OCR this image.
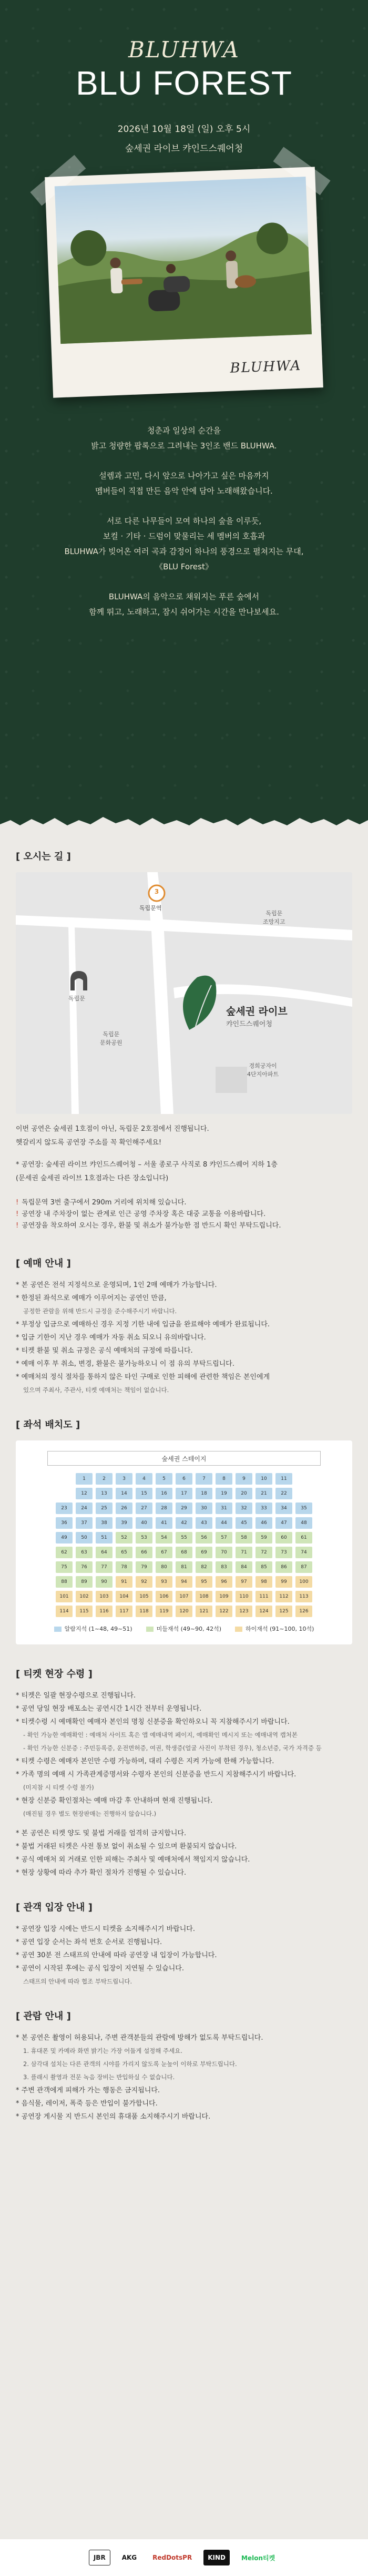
BLUHWA
BLU FOREST
2026년 10월 18일 (일) 오후 5시
숲세권 라이브 캬인드스퀘어청
BLUHWA

청춘과 일상의 순간을
밝고 청량한 팝록으로 그려내는 3인조 밴드 BLUHWA.

설렘과 고민, 다시 앞으로 나아가고 싶은 마음까지
멤버들이 직접 만든 음악 안에 담아 노래해왔습니다.

서로 다른 나무들이 모여 하나의 숲을 이루듯,
보컬 · 기타 · 드럼이 맞물리는 세 멤버의 호흡과
BLUHWA가 빚어온 여러 곡과 감정이 하나의 풍경으로 펼쳐지는 무대,
《BLU Forest》

BLUHWA의 음악으로 채워지는 푸른 숲에서
함께 뛰고, 노래하고, 잠시 쉬어가는 시간을 만나보세요.

[ 오시는 길 ]
3
독립문역
독립문
조망지고
독립문
독립문
문화공원
숲세권 라이브
캬인드스퀘어청
경희궁자이
4단지아파트

이번 공연은 숲세권 1호점이 아닌, 독립문 2호점에서 진행됩니다.

헷갈리지 않도록 공연장 주소를 꼭 확인해주세요!

* 공연장: 숲세권 라이브 캬인드스퀘어청 – 서울 종로구 사직로 8 캬인드스퀘어 지하 1층

(문세권 숲세권 라이브 1호점과는 다른 장소입니다)

! 독립문역 3번 출구에서 290m 거리에 위치해 있습니다.
! 공연장 내 주차장이 없는 관계로 인근 공영 주차장 혹은 대중 교통을 이용바랍니다.
! 공연장을 착오하여 오시는 경우, 환불 및 취소가 불가능한 점 반드시 확인 부탁드립니다.
[ 예매 안내 ]
* 본 공연은 전석 지정석으로 운영되며, 1인 2매 예매가 가능합니다.
* 한정된 좌석으로 예매가 이루어지는 공연인 만큼,
공정한 관람을 위해 반드시 규정을 준수해주시기 바랍니다.
* 부정상 입금으로 예매하신 경우 지정 기한 내에 입금을 완료해야 예매가 완료됩니다.
* 입금 기한이 지난 경우 예매가 자동 취소 되오니 유의바랍니다.
* 티켓 환불 및 취소 규정은 공식 예매처의 규정에 따릅니다.
* 예매 이후 부 취소, 변경, 환불은 불가능하오니 이 점 유의 부탁드립니다.
* 예매처의 정식 절차를 통하지 않은 타인 구매로 인한 피해에 관련한 책임은 본인에게
있으며 주최사, 주관사, 티켓 예매처는 책임이 없습니다.
[ 좌석 배치도 ]
숲세권 스테이지
1	2	3	4	5	6	7	8	9	10	11
12	13	14	15	16	17	18	19	20	21	22
23	24	25	26	27	28	29	30	31	32	33	34	35
36	37	38	39	40	41	42	43	44	45	46	47	48
49	50	51	52	53	54	55	56	57	58	59	60	61
62	63	64	65	66	67	68	69	70	71	72	73	74
75	76	77	78	79	80	81	82	83	84	85	86	87
88	89	90	91	92	93	94	95	96	97	98	99	100
101	102	103	104	105	106	107	108	109	110	111	112	113
114	115	116	117	118	119	120	121	122	123	124	125	126
알람지석 (1~48, 49~51)	미들재석 (49~90, 42석)	하이재석 (91~100, 10석)
[ 티켓 현장 수령 ]
* 티켓은 일괄 현장수령으로 진행됩니다.
* 공연 당일 현장 배포소는 공연시간 1시간 전부터 운영됩니다.
* 티켓수령 시 예매확인 예매자 본인의 명칭 신분증을 확인하오니 꼭 지참해주시기 바랍니다.
- 확인 가능한 예매확인 : 예매처 사이트 혹은 앱 예매내역 페이지, 예매확인 메시지 또는 예매내역 캡처본
- 확인 가능한 신분증 : 주민등록증, 운전면허증, 여권, 학생증(얼굴 사진이 부착된 경우), 청소년증, 국가 자격증 등
* 티켓 수령은 예매자 본인만 수령 가능하며, 대리 수령은 지켜 가능에 한해 가능합니다.
* 가족 명의 예매 시 가족관계증명서와 수령자 본인의 신분증을 반드시 지참해주시기 바랍니다.
(미지참 시 티켓 수령 불가)
* 현장 신분증 확인절차는 예매 마감 후 안내하며 현재 진행됩니다.
(매진될 경우 별도 현장판매는 진행하지 않습니다.)
* 본 공연은 티켓 양도 및 불법 거래를 엄격히 금지합니다.
* 불법 거래된 티켓은 사전 통보 없이 취소될 수 있으며 환불되지 않습니다.
* 공식 예매처 외 거래로 인한 피해는 주최사 및 예매처에서 책임지지 않습니다.
* 현장 상황에 따라 추가 확인 절차가 진행될 수 있습니다.
[ 관객 입장 안내 ]
* 공연장 입장 시에는 반드시 티켓을 소지해주시기 바랍니다.
* 공연 입장 순서는 좌석 번호 순서로 진행됩니다.
* 공연 30분 전 스태프의 안내에 따라 공연장 내 입장이 가능합니다.
* 공연이 시작된 후에는 공식 입장이 지연될 수 있습니다.
스태프의 안내에 따라 협조 부탁드립니다.
[ 관람 안내 ]
* 본 공연은 촬영이 허용되나, 주변 관객분들의 관람에 방해가 없도록 부탁드립니다.
1. 휴대폰 및 카메라 화면 밝기는 가장 어둡게 설정해 주세요.
2. 삼각대 설치는 다른 관객의 시야를 가리지 않도록 눈높이 이하로 부탁드립니다.
3. 플래시 촬영과 전문 녹음 장비는 반입하실 수 없습니다.
* 주변 관객에게 피해가 가는 행동은 금지됩니다.
* 음식물, 레이저, 폭죽 등은 반입이 불가합니다.
* 공연장 게시물 지 반드시 본인의 휴대품 소지해주시기 바랍니다.
JBR	AKG	RedDotsPR	KIND	Melon티켓
